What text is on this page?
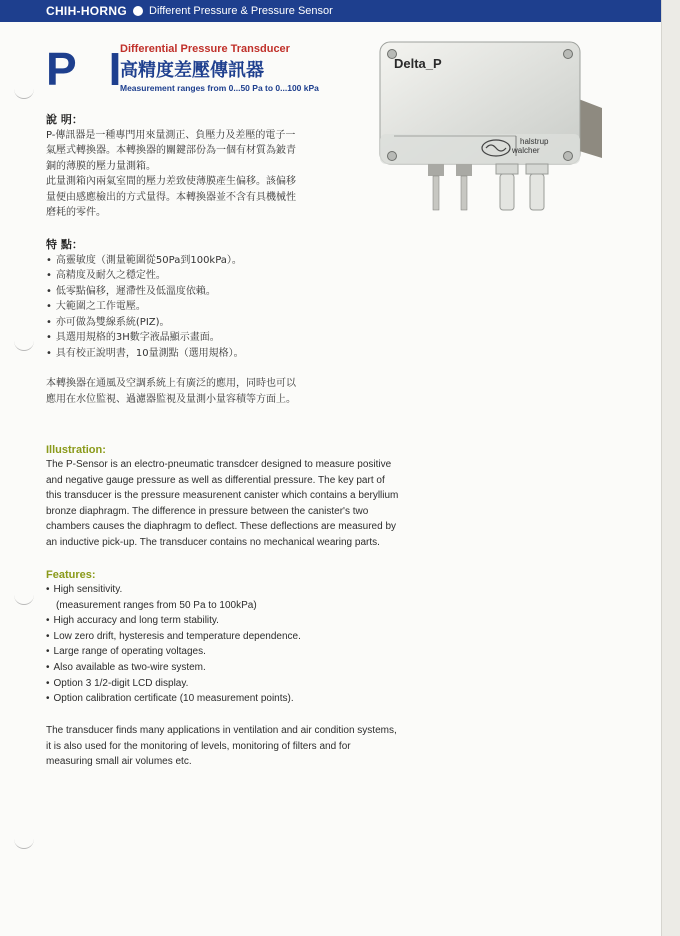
CHIH-HORNG Different Pressure & Pressure Sensor
P I
Differential Pressure Transducer
高精度差壓傳訊器
Measurement ranges from 0...50 Pa to 0...100 kPa
Delta_P
halstrup
walcher
說 明：
P-傳訊器是一種專門用來量測正、負壓力及差壓的電子一
氣壓式轉換器。本轉換器的關鍵部份為一個有材質為鈹青
銅的薄膜的壓力量測箱。
此量測箱內兩氣室間的壓力差致使薄膜產生偏移。該偏移
量便由感應檢出的方式量得。本轉換器並不含有具機械性
磨耗的零件。
特 點：
• 高靈敏度（測量範圍從50Pa到100kPa）。
• 高精度及耐久之穩定性。
• 低零點偏移，遲滯性及低溫度依賴。
• 大範圍之工作電壓。
• 亦可做為雙線系統(PIZ)。
• 具選用規格的3H數字液晶顯示畫面。
• 具有校正說明書，10量測點（選用規格）。
本轉換器在通風及空調系統上有廣泛的應用，同時也可以
應用在水位監視、過濾器監視及量測小量容積等方面上。
Illustration:
The P-Sensor is an electro-pneumatic transdcer designed to measure positive
and negative gauge pressure as well as differential pressure. The key part of
this transducer is the pressure measurenent canister which contains a beryllium
bronze diaphragm. The difference in pressure between the canister's two
chambers causes the diaphragm to deflect. These deflections are measured by
an inductive pick-up. The transducer contains no mechanical wearing parts.
Features:
• High sensitivity.
(measurement ranges from 50 Pa to 100kPa)
• High accuracy and long term stability.
• Low zero drift, hysteresis and temperature dependence.
• Large range of operating voltages.
• Also available as two-wire system.
• Option 3 1/2-digit LCD display.
• Option calibration certificate (10 measurement points).
The transducer finds many applications in ventilation and air condition systems,
it is also used for the monitoring of levels, monitoring of filters and for
measuring small air volumes etc.
